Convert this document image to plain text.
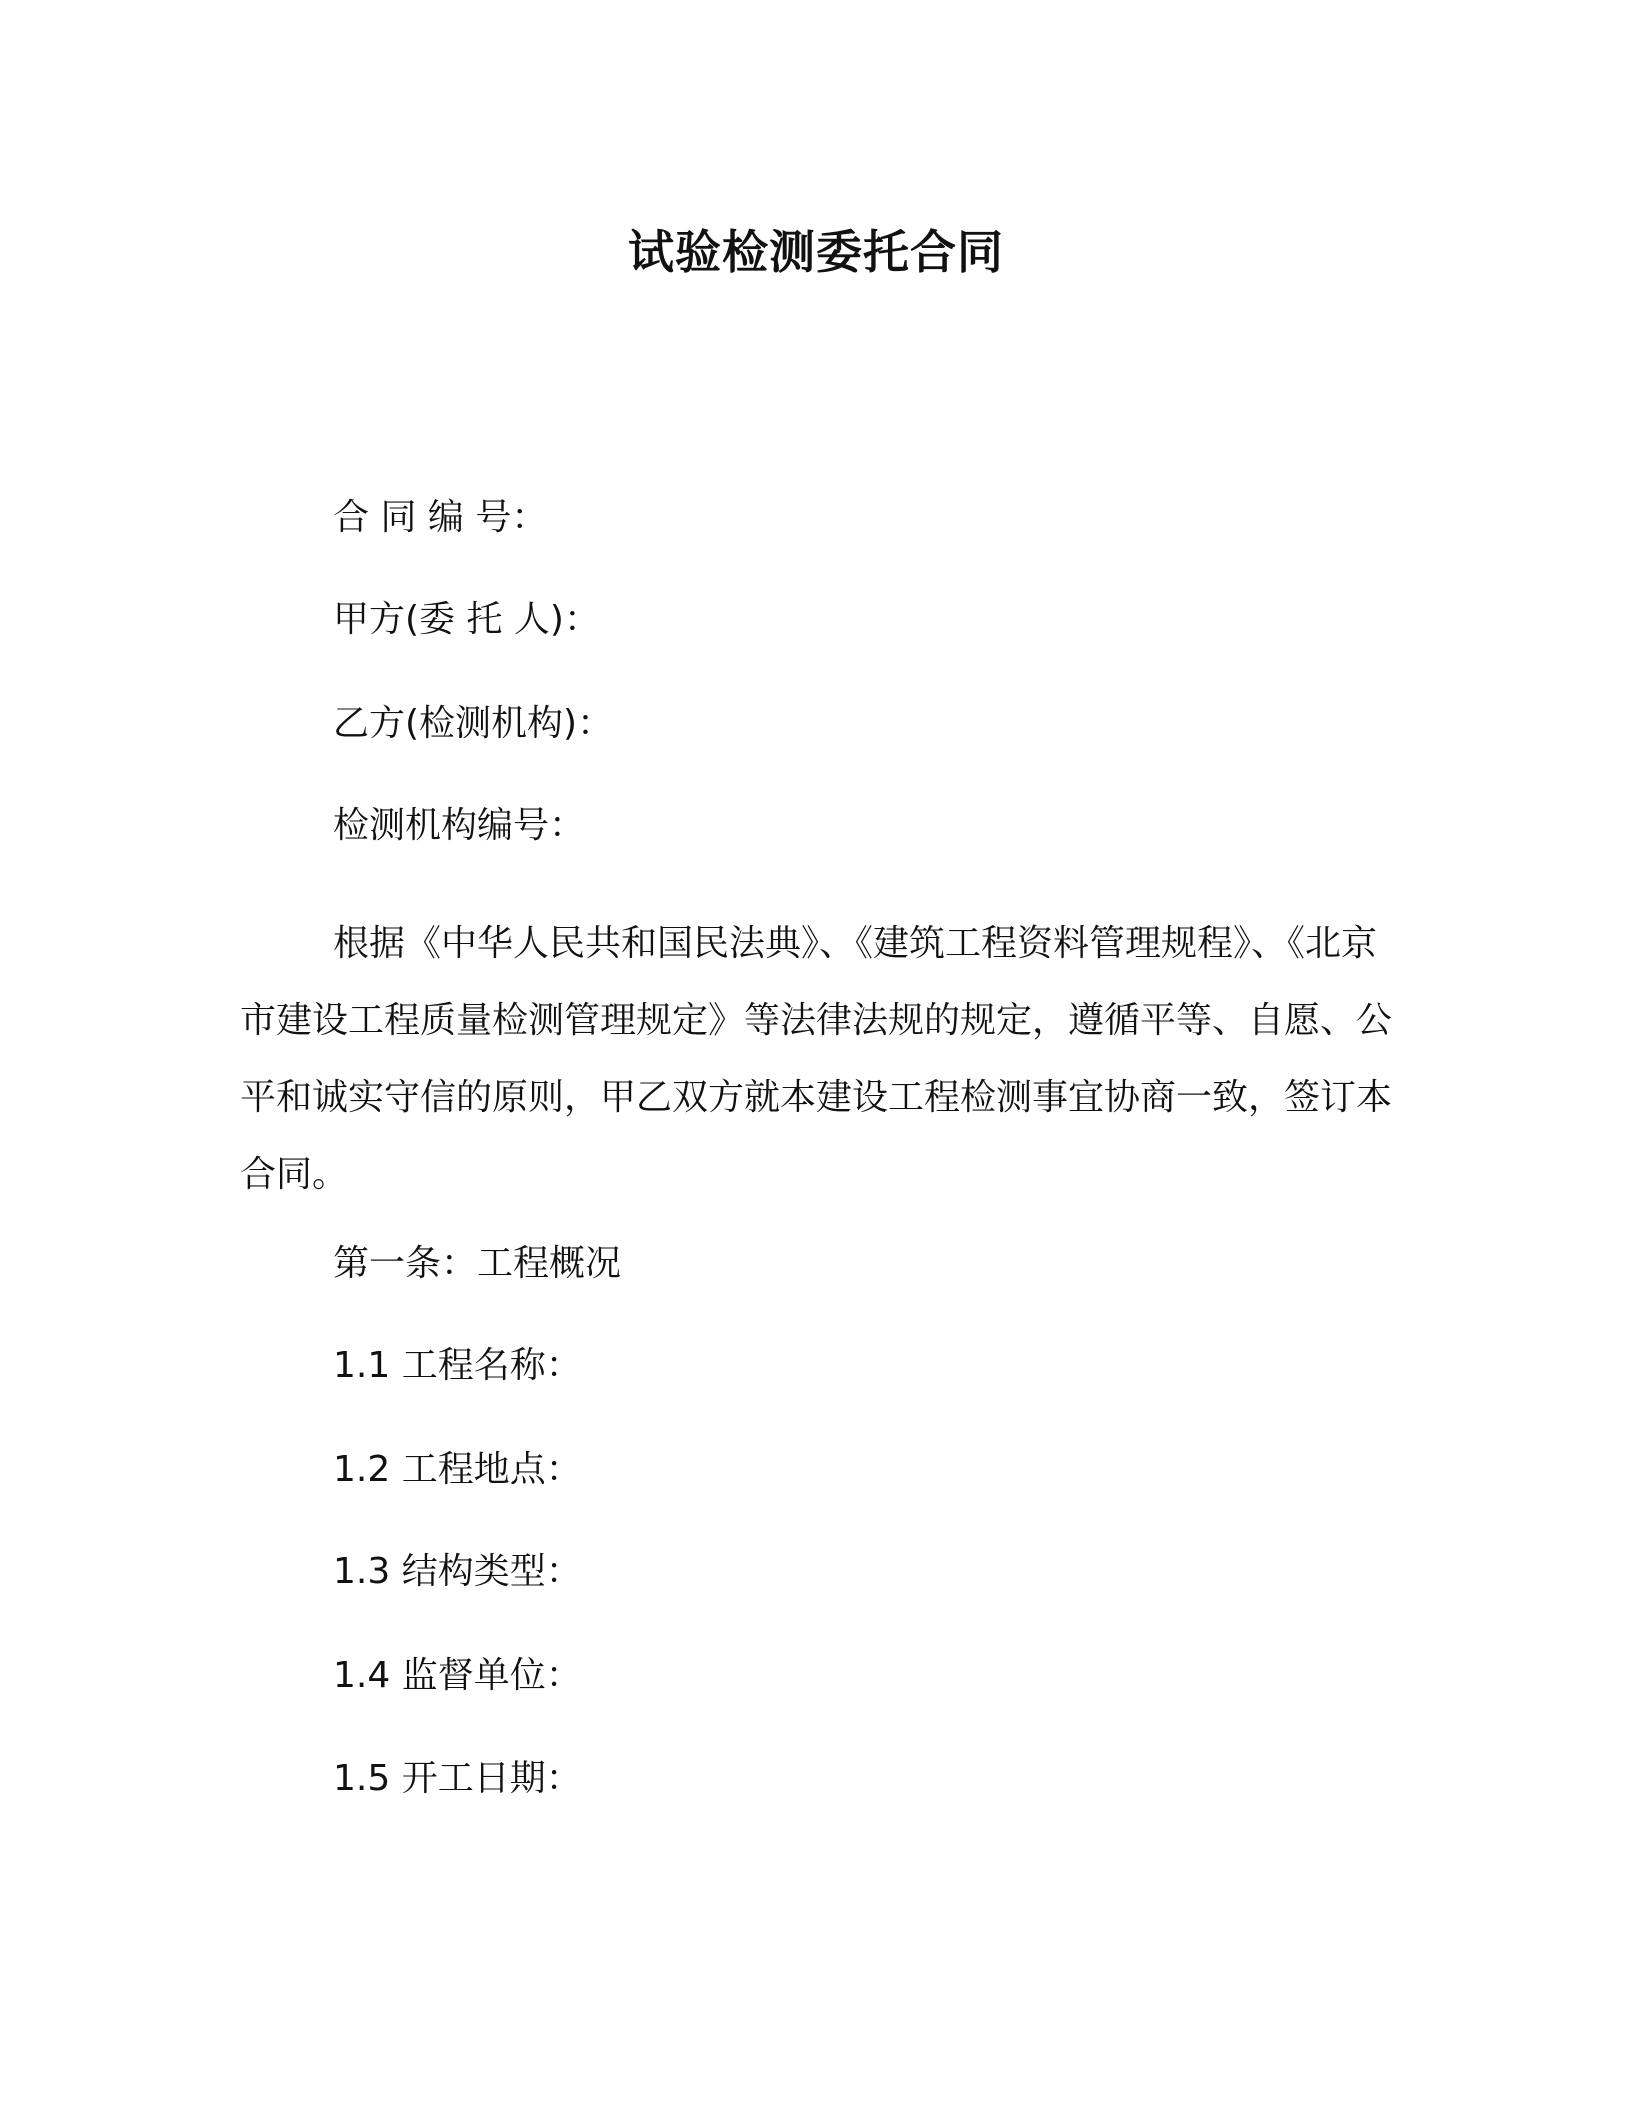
试验检测委托合同
合 同 编 号：
甲方(委 托 人)：
乙方(检测机构)：
检测机构编号：

根据《中华人民共和国民法典》、《建筑工程资料管理规程》、《北京市建设工程质量检测管理规定》等法律法规的规定，遵循平等、自愿、公平和诚实守信的原则，甲乙双方就本建设工程检测事宜协商一致，签订本合同。

第一条：工程概况
1.1 工程名称：
1.2 工程地点：
1.3 结构类型：
1.4 监督单位：
1.5 开工日期：
